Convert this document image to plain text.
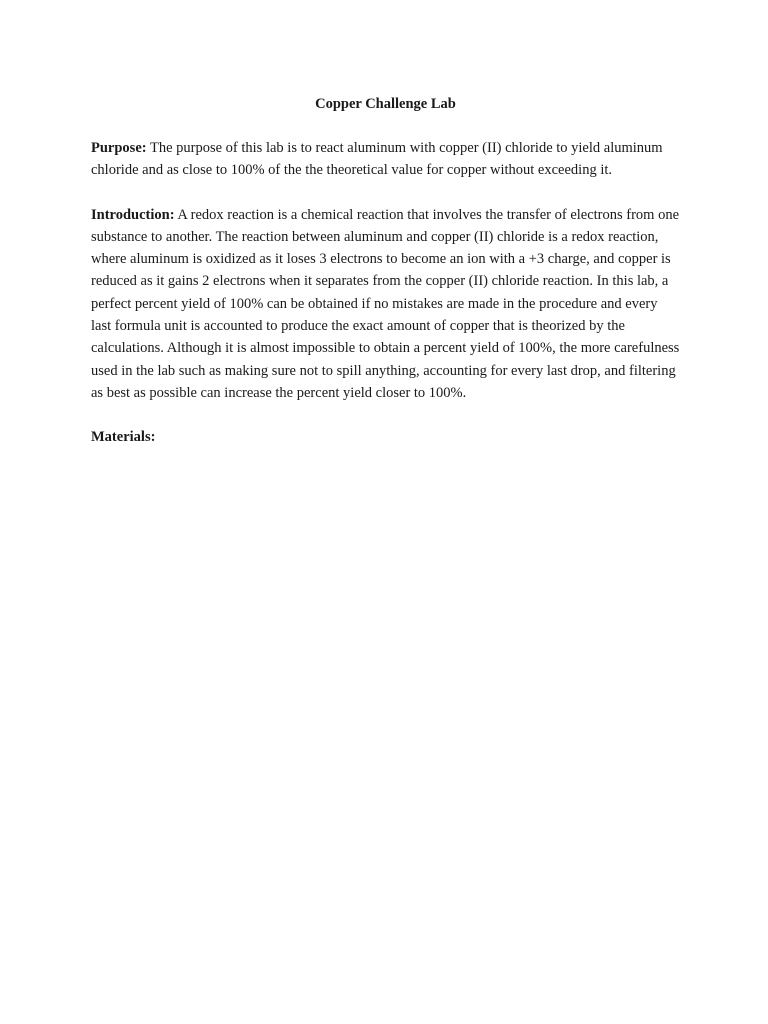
Copper Challenge Lab

Purpose: The purpose of this lab is to react aluminum with copper (II) chloride to yield aluminum chloride and as close to 100% of the the theoretical value for copper without exceeding it.

Introduction: A redox reaction is a chemical reaction that involves the transfer of electrons from one substance to another. The reaction between aluminum and copper (II) chloride is a redox reaction, where aluminum is oxidized as it loses 3 electrons to become an ion with a +3 charge, and copper is reduced as it gains 2 electrons when it separates from the copper (II) chloride reaction. In this lab, a perfect percent yield of 100% can be obtained if no mistakes are made in the procedure and every last formula unit is accounted to produce the exact amount of copper that is theorized by the calculations. Although it is almost impossible to obtain a percent yield of 100%, the more carefulness used in the lab such as making sure not to spill anything, accounting for every last drop, and filtering as best as possible can increase the percent yield closer to 100%.

Materials:
